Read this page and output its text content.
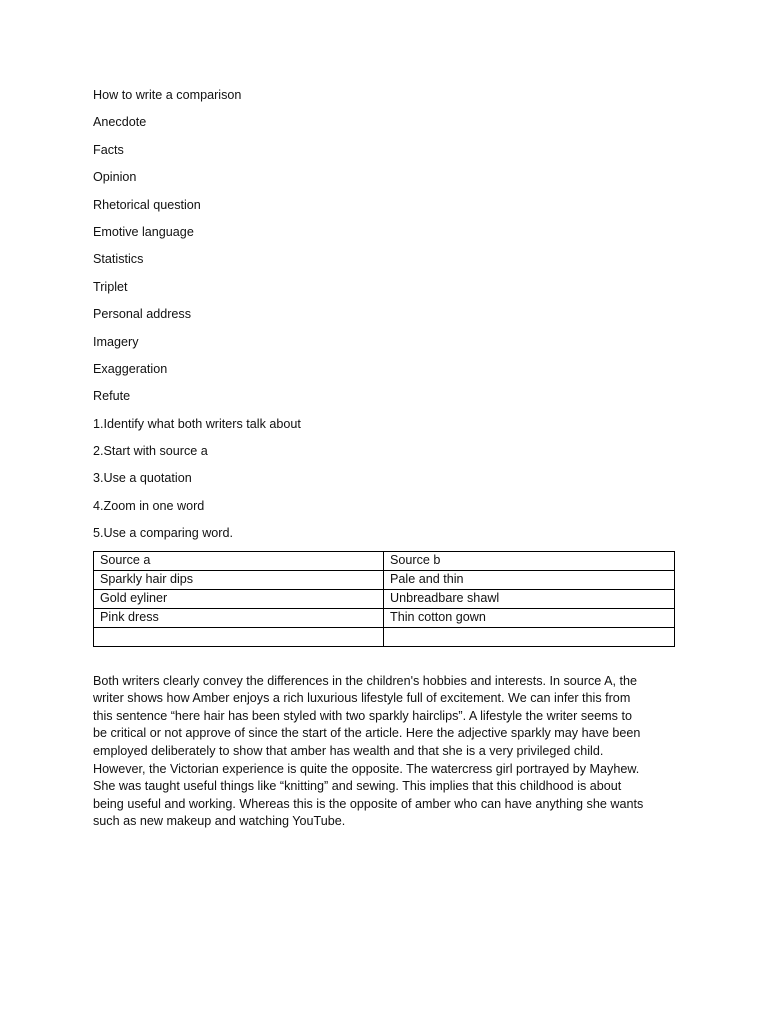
How to write a comparison
Anecdote
Facts
Opinion
Rhetorical question
Emotive language
Statistics
Triplet
Personal address
Imagery
Exaggeration
Refute
1.Identify what both writers talk about
2.Start with source a
3.Use a quotation
4.Zoom in one word
5.Use a comparing word.
Source a	Source b
Sparkly hair dips	Pale and thin
Gold eyliner	Unbreadbare shawl
Pink dress	Thin cotton gown

Both writers clearly convey the differences in the children's hobbies and interests. In source A, the
writer shows how Amber enjoys a rich luxurious lifestyle full of excitement. We can infer this from
this sentence “here hair has been styled with two sparkly hairclips”. A lifestyle the writer seems to
be critical or not approve of since the start of the article. Here the adjective sparkly may have been
employed deliberately to show that amber has wealth and that she is a very privileged child.
However, the Victorian experience is quite the opposite. The watercress girl portrayed by Mayhew.
She was taught useful things like “knitting” and sewing. This implies that this childhood is about
being useful and working. Whereas this is the opposite of amber who can have anything she wants
such as new makeup and watching YouTube.
